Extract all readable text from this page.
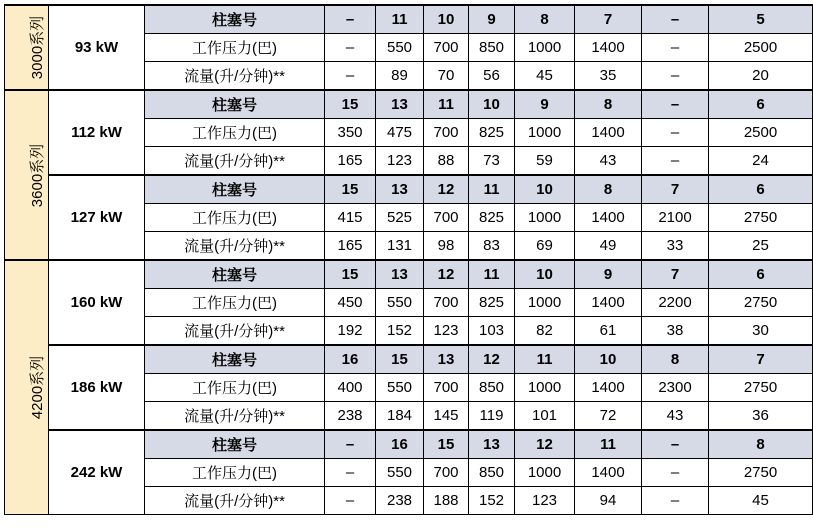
3000系列	93 kW	柱塞号	–	11	10	9	8	7	–	5
		工作压力(巴)	–	550	700	850	1000	1400	–	2500
		流量(升/分钟)**	–	89	70	56	45	35	–	20
3600系列	112 kW	柱塞号	15	13	11	10	9	8	–	6
		工作压力(巴)	350	475	700	825	1000	1400	–	2500
		流量(升/分钟)**	165	123	88	73	59	43	–	24
	127 kW	柱塞号	15	13	12	11	10	8	7	6
		工作压力(巴)	415	525	700	825	1000	1400	2100	2750
		流量(升/分钟)**	165	131	98	83	69	49	33	25
4200系列	160 kW	柱塞号	15	13	12	11	10	9	7	6
		工作压力(巴)	450	550	700	825	1000	1400	2200	2750
		流量(升/分钟)**	192	152	123	103	82	61	38	30
	186 kW	柱塞号	16	15	13	12	11	10	8	7
		工作压力(巴)	400	550	700	850	1000	1400	2300	2750
		流量(升/分钟)**	238	184	145	119	101	72	43	36
	242 kW	柱塞号	–	16	15	13	12	11	–	8
		工作压力(巴)	–	550	700	850	1000	1400	–	2750
		流量(升/分钟)**	–	238	188	152	123	94	–	45
